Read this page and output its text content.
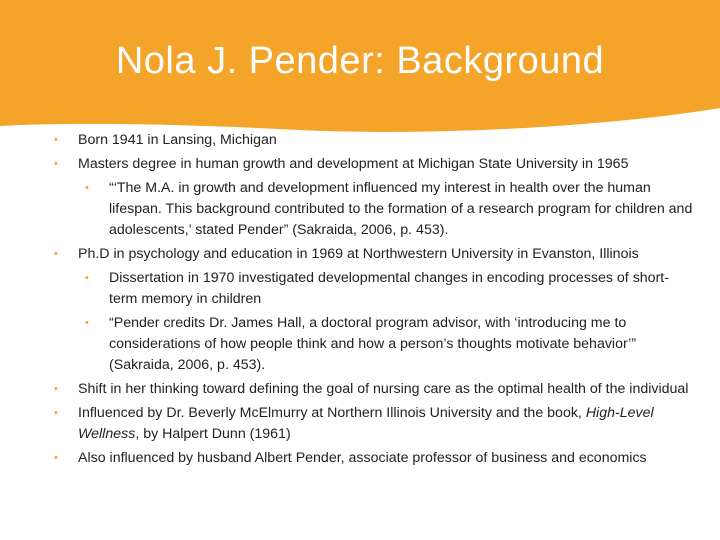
Nola J. Pender: Background
• Born 1941 in Lansing, Michigan
• Masters degree in human growth and development at Michigan State University in 1965
• “‘The M.A. in growth and development influenced my interest in health over the human lifespan. This background contributed to the formation of a research program for children and adolescents,’ stated Pender” (Sakraida, 2006, p. 453).
• Ph.D in psychology and education in 1969 at Northwestern University in Evanston, Illinois
• Dissertation in 1970 investigated developmental changes in encoding processes of short-term memory in children
• “Pender credits Dr. James Hall, a doctoral program advisor, with ‘introducing me to considerations of how people think and how a person’s thoughts motivate behavior’” (Sakraida, 2006, p. 453).
• Shift in her thinking toward defining the goal of nursing care as the optimal health of the individual
• Influenced by Dr. Beverly McElmurry at Northern Illinois University and the book, High-Level Wellness, by Halpert Dunn (1961)
• Also influenced by husband Albert Pender, associate professor of business and economics
